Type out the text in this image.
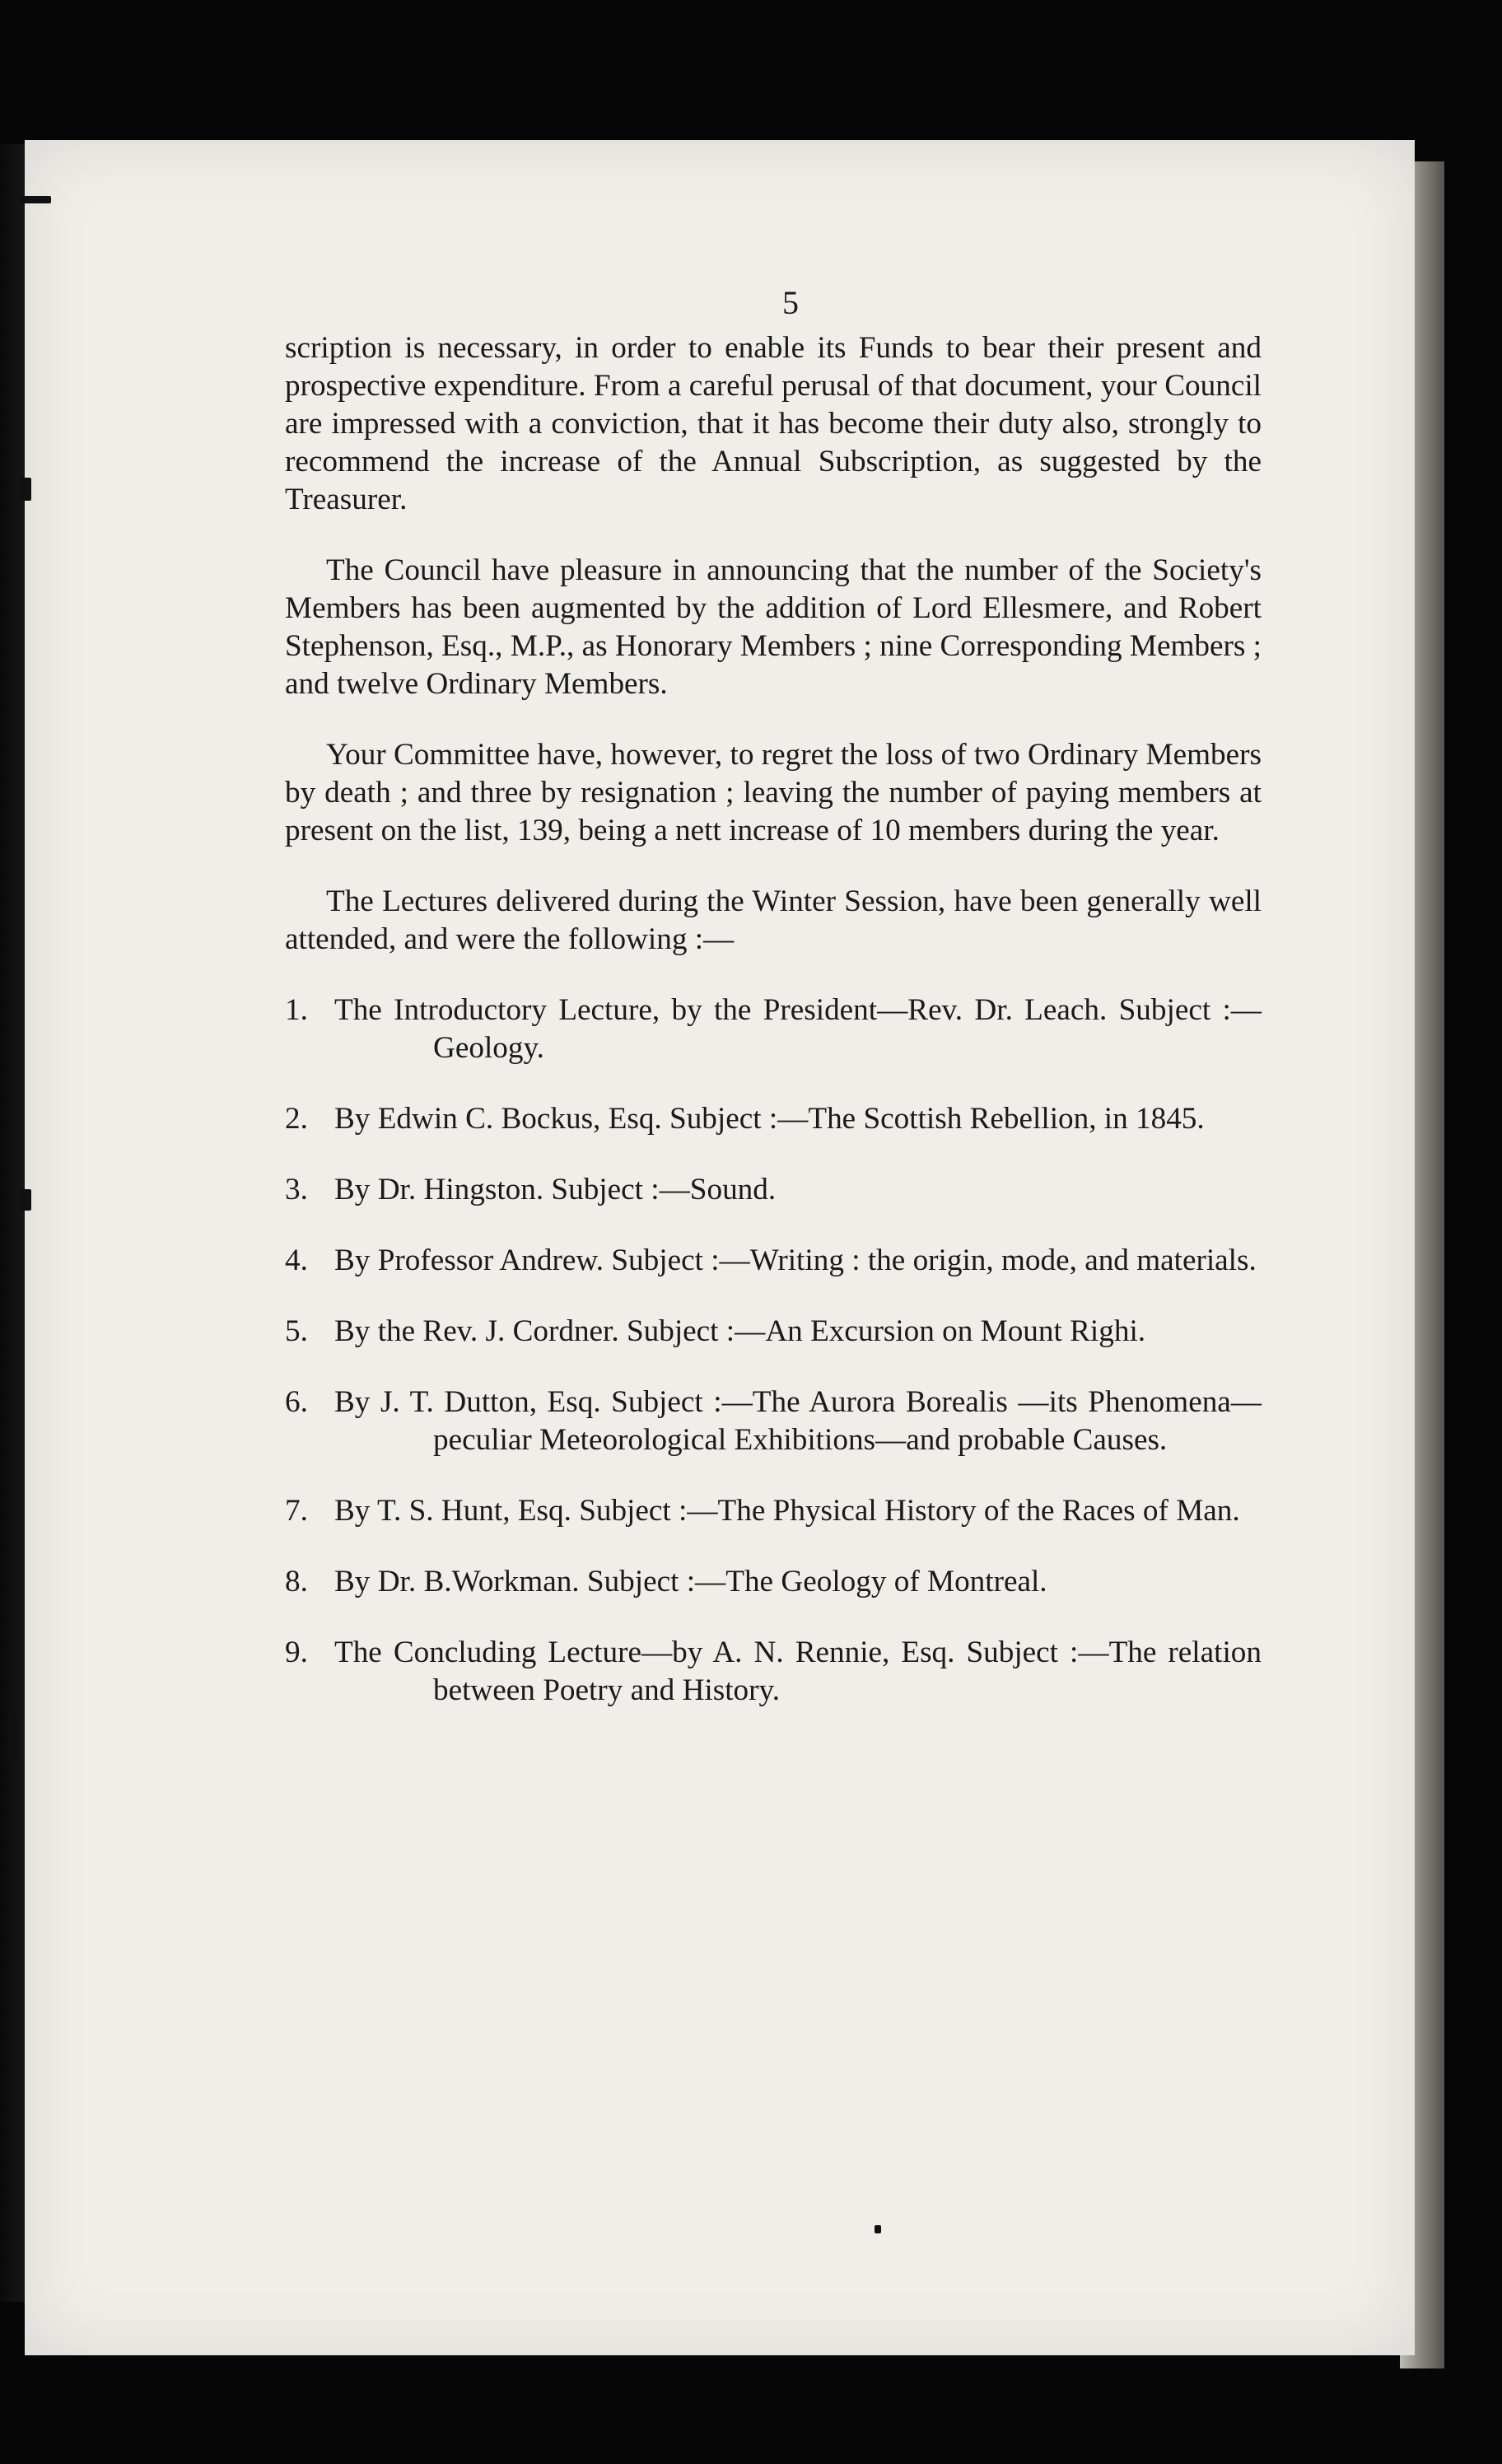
5

scription is necessary, in order to enable its Funds to bear their present and prospective expenditure. From a careful perusal of that document, your Council are impressed with a conviction, that it has become their duty also, strongly to recommend the increase of the Annual Subscription, as suggested by the Treasurer.

The Council have pleasure in announcing that the number of the Society's Members has been augmented by the addition of Lord Ellesmere, and Robert Stephenson, Esq., M.P., as Honorary Members ; nine Corresponding Members ; and twelve Ordinary Members.

Your Committee have, however, to regret the loss of two Ordinary Members by death ; and three by resignation ; leaving the number of paying members at present on the list, 139, being a nett increase of 10 members during the year.

The Lectures delivered during the Winter Session, have been generally well attended, and were the following :—

1. The Introductory Lecture, by the President—Rev. Dr. Leach. Subject :—Geology.

2. By Edwin C. Bockus, Esq. Subject :—The Scottish Rebellion, in 1845.

3. By Dr. Hingston. Subject :—Sound.

4. By Professor Andrew. Subject :—Writing : the origin, mode, and materials.

5. By the Rev. J. Cordner. Subject :—An Excursion on Mount Righi.

6. By J. T. Dutton, Esq. Subject :—The Aurora Borealis —its Phenomena—peculiar Meteorological Exhibitions—and probable Causes.

7. By T. S. Hunt, Esq. Subject :—The Physical History of the Races of Man.

8. By Dr. B.Workman. Subject :—The Geology of Montreal.

9. The Concluding Lecture—by A. N. Rennie, Esq. Subject :—The relation between Poetry and History.
